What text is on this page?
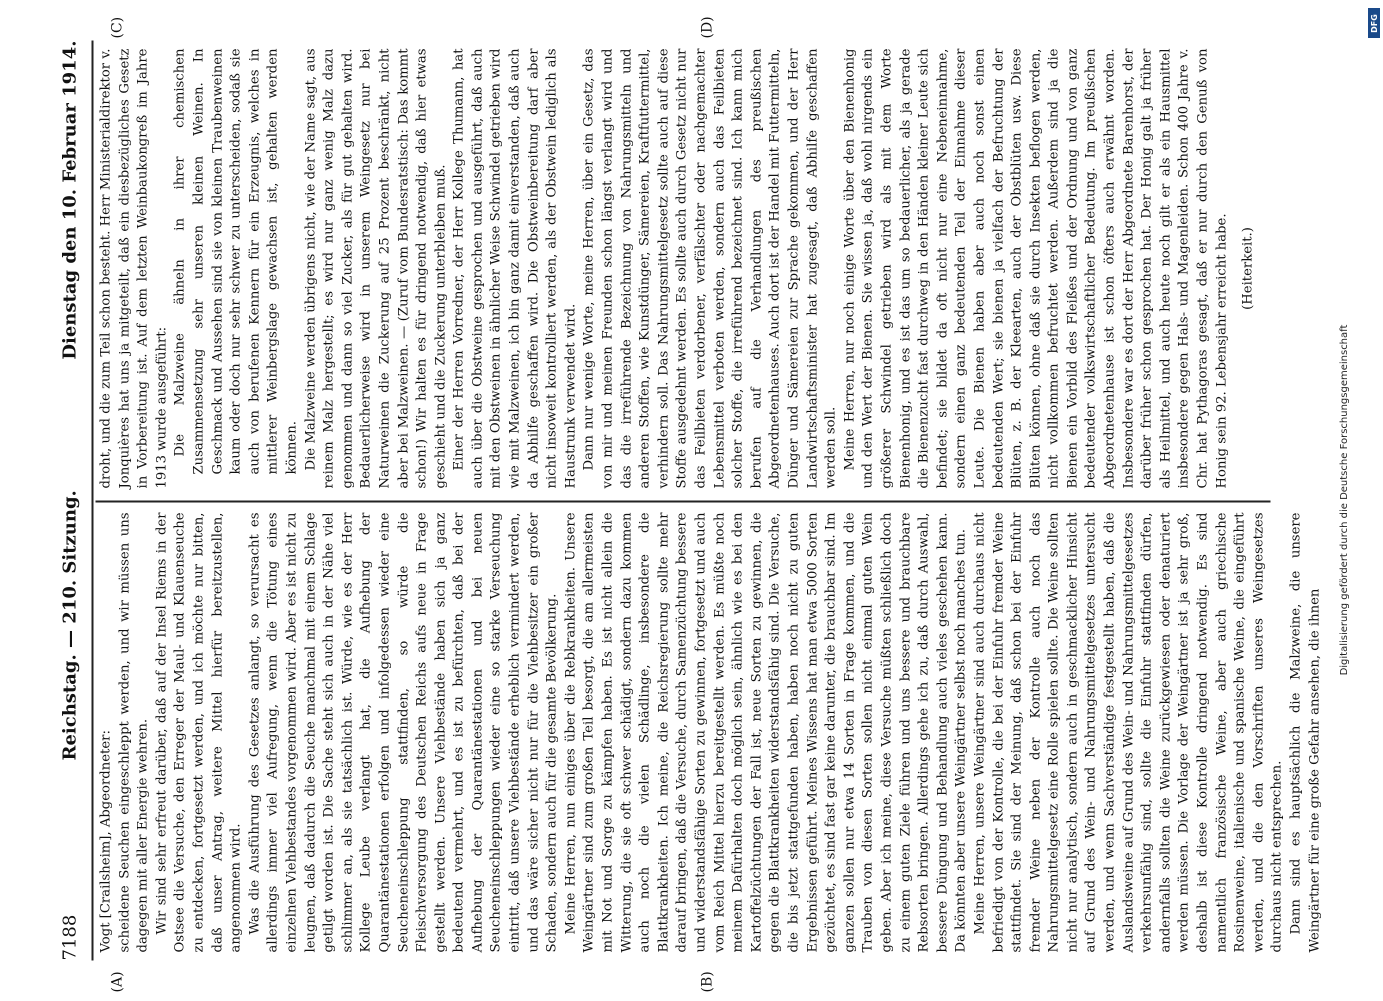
7188
Reichstag. — 210. Sitzung.
Dienstag den 10. Februar 1914.
(A)	(B)
(C)	(D)

Vogt [Crailsheim], Abgeordneter: scheidene Seuchen eingeschleppt werden, und wir müssen uns dagegen mit aller Energie wehren. Wir sind sehr erfreut darüber, daß auf der Insel Riems in der Ostsee die Versuche, den Erreger der Maul- und Klauenseuche zu entdecken, fortgesetzt werden, und ich möchte nur bitten, daß unser Antrag, weitere Mittel hierfür bereitzustellen, angenommen wird. Was die Ausführung des Gesetzes anlangt, so verursacht es allerdings immer viel Aufregung, wenn die Tötung eines einzelnen Viehbestandes vorgenommen wird. Aber es ist nicht zu leugnen, daß dadurch die Seuche manchmal mit einem Schlage getilgt worden ist. Die Sache steht sich auch in der Nähe viel schlimmer an, als sie tatsächlich ist. Würde, wie es der Herr Kollege Leube verlangt hat, die Aufhebung der Quarantänestationen erfolgen und infolgedessen wieder eine Seucheneinschleppung stattfinden, so würde die Fleischversorgung des Deutschen Reichs aufs neue in Frage gestellt werden. Unsere Viehbestände haben sich ja ganz bedeutend vermehrt, und es ist zu befürchten, daß bei der Aufhebung der Quarantänestationen und bei neuen Seucheneinschleppungen wieder eine so starke Verseuchung eintritt, daß unsere Viehbestände erheblich vermindert werden, und das wäre sicher nicht nur für die Viehbesitzer ein großer Schaden, sondern auch für die gesamte Bevölkerung. Meine Herren, nun einiges über die Rebkrankheiten. Unsere Weingärtner sind zum großen Teil besorgt, die am allermeisten mit Not und Sorge zu kämpfen haben. Es ist nicht allein die Witterung, die sie oft schwer schädigt, sondern dazu kommen auch noch die vielen Schädlinge, insbesondere die Blattkrankheiten. Ich meine, die Reichsregierung sollte mehr darauf bringen, daß die Versuche, durch Samenzüchtung bessere und widerstandsfähige Sorten zu gewinnen, fortgesetzt und auch vom Reich Mittel hierzu bereitgestellt werden. Es müßte noch meinem Dafürhalten doch möglich sein, ähnlich wie es bei den Kartoffelzüchtungen der Fall ist, neue Sorten zu gewinnen, die gegen die Blattkrankheiten widerstandsfähig sind. Die Versuche, die bis jetzt stattgefunden haben, haben noch nicht zu guten Ergebnissen geführt. Meines Wissens hat man etwa 5000 Sorten gezüchtet, es sind fast gar keine darunter, die brauchbar sind. Im ganzen sollen nur etwa 14 Sorten in Frage kommen, und die Trauben von diesen Sorten sollen nicht einmal guten Wein geben. Aber ich meine, diese Versuche müßten schließlich doch zu einem guten Ziele führen und uns bessere und brauchbare Rebsorten bringen. Allerdings gehe ich zu, daß durch Auswahl, bessere Düngung und Behandlung auch vieles geschehen kann. Da könnten aber unsere Weingärtner selbst noch manches tun. Meine Herren, unsere Weingärtner sind auch durchaus nicht befriedigt von der Kontrolle, die bei der Einfuhr fremder Weine stattfindet. Sie sind der Meinung, daß schon bei der Einfuhr fremder Weine neben der Kontrolle auch noch das Nahrungsmittelgesetz eine Rolle spielen sollte. Die Weine sollten nicht nur analytisch, sondern auch in geschmacklicher Hinsicht auf Grund des Wein- und Nahrungsmittelgesetzes untersucht werden, und wenn Sachverständige festgestellt haben, daß die Auslandsweine auf Grund des Wein- und Nahrungsmittelgesetzes verkehrsunfähig sind, sollte die Einfuhr stattfinden dürfen, andernfalls sollten die Weine zurückgewiesen oder denaturiert werden müssen. Die Vorlage der Weingärtner ist ja sehr groß, deshalb ist diese Kontrolle dringend notwendig. Es sind namentlich französische Weine, aber auch griechische Rosinenweine, italienische und spanische Weine, die eingeführt werden, und die den Vorschriften unseres Weingesetzes durchaus nicht entsprechen. Dann sind es hauptsächlich die Malzweine, die unsere Weingärtner für eine große Gefahr ansehen, die ihnen

droht, und die zum Teil schon besteht. Herr Ministerialdirektor v. Jonquières hat uns ja mitgeteilt, daß ein diesbezügliches Gesetz in Vorbereitung ist. Auf dem letzten Weinbaukongreß im Jahre 1913 wurde ausgeführt: Die Malzweine ähneln in ihrer chemischen Zusammensetzung sehr unseren kleinen Weinen. In Geschmack und Aussehen sind sie von kleinen Traubenweinen kaum oder doch nur sehr schwer zu unterscheiden, sodaß sie auch von berufenen Kennern für ein Erzeugnis, welches in mittlerer Weinbergslage gewachsen ist, gehalten werden können. Die Malzweine werden übrigens nicht, wie der Name sagt, aus reinem Malz hergestellt; es wird nur ganz wenig Malz dazu genommen und dann so viel Zucker, als für gut gehalten wird. Bedauerlicherweise wird in unserem Weingesetz nur bei Naturweinen die Zuckerung auf 25 Prozent beschränkt, nicht aber bei Malzweinen. — (Zuruf vom Bundesratstisch: Das kommt schon!) Wir halten es für dringend notwendig, daß hier etwas geschieht und die Zuckerung unterbleiben muß. Einer der Herren Vorredner, der Herr Kollege Thumann, hat auch über die Obstweine gesprochen und ausgeführt, daß auch mit den Obstweinen in ähnlicher Weise Schwindel getrieben wird wie mit Malzweinen, ich bin ganz damit einverstanden, daß auch da Abhilfe geschaffen wird. Die Obstweinbereitung darf aber nicht insoweit kontrolliert werden, als der Obstwein lediglich als Haustrunk verwendet wird. Dann nur wenige Worte, meine Herren, über ein Gesetz, das von mir und meinen Freunden schon längst verlangt wird und das die irreführende Bezeichnung von Nahrungsmitteln und anderen Stoffen, wie Kunstdünger, Sämereien, Kraftfuttermittel, verhindern soll. Das Nahrungsmittelgesetz sollte auch auf diese Stoffe ausgedehnt werden. Es sollte auch durch Gesetz nicht nur das Feilbieten verdorbener, verfälschter oder nachgemachter Lebensmittel verboten werden, sondern auch das Feilbieten solcher Stoffe, die irreführend bezeichnet sind. Ich kann mich berufen auf die Verhandlungen des preußischen Abgeordnetenhauses. Auch dort ist der Handel mit Futtermitteln, Dünger und Sämereien zur Sprache gekommen, und der Herr Landwirtschaftsminister hat zugesagt, daß Abhilfe geschaffen werden soll. Meine Herren, nur noch einige Worte über den Bienenhonig und den Wert der Bienen. Sie wissen ja, daß wohl nirgends ein größerer Schwindel getrieben wird als mit dem Worte Bienenhonig, und es ist das um so bedauerlicher, als ja gerade die Bienenzucht fast durchweg in den Händen kleiner Leute sich befindet; sie bildet da oft nicht nur eine Nebeneinnahme, sondern einen ganz bedeutenden Teil der Einnahme dieser Leute. Die Bienen haben aber auch noch sonst einen bedeutenden Wert; sie bienen ja vielfach der Befruchtung der Blüten, z. B. der Kleearten, auch der Obstblüten usw. Diese Blüten können, ohne daß sie durch Insekten beflogen werden, nicht vollkommen befruchtet werden. Außerdem sind ja die Bienen ein Vorbild des Fleißes und der Ordnung und von ganz bedeutender volkswirtschaftlicher Bedeutung. Im preußischen Abgeordnetenhause ist schon öfters auch erwähnt worden. Insbesondere war es dort der Herr Abgeordnete Barenhorst, der darüber früher schon gesprochen hat. Der Honig galt ja früher als Heilmittel, und auch heute noch gilt er als ein Hausmittel insbesondere gegen Hals- und Magenleiden. Schon 400 Jahre v. Chr. hat Pythagoras gesagt, daß er nur durch den Genuß von Honig sein 92. Lebensjahr erreicht habe. (Heiterkeit.)

DFG
Digitalisierung gefördert durch die Deutsche Forschungsgemeinschaft
